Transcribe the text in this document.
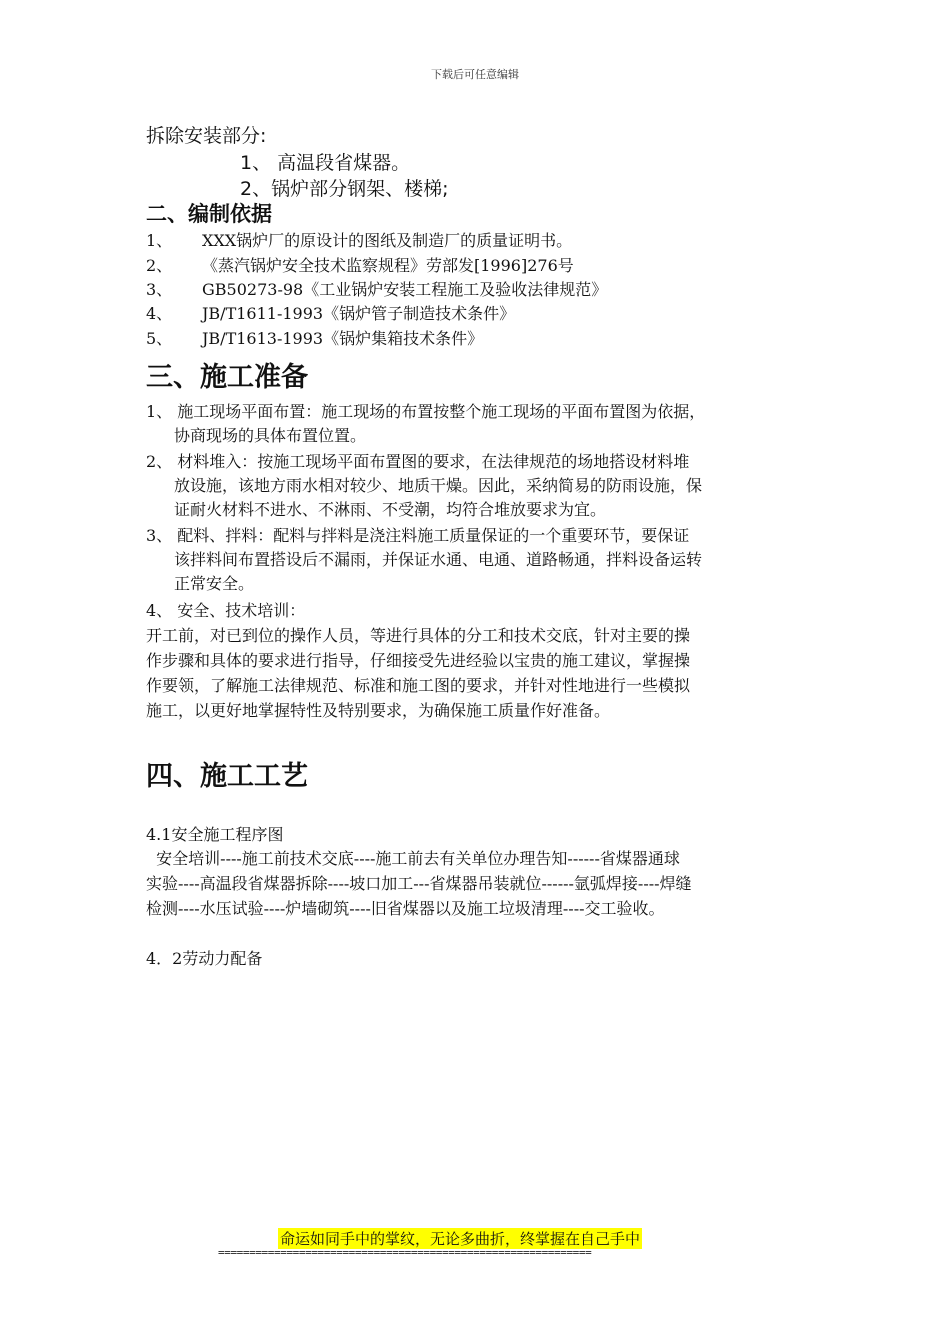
下载后可任意编辑
拆除安装部分:
1、 高温段省煤器。
2、锅炉部分钢架、楼梯;
二、编制依据
1、 XXX锅炉厂的原设计的图纸及制造厂的质量证明书。
2、 《蒸汽锅炉安全技术监察规程》劳部发[1996]276号
3、 GB50273-98《工业锅炉安装工程施工及验收法律规范》
4、 JB/T1611-1993《锅炉管子制造技术条件》
5、 JB/T1613-1993《锅炉集箱技术条件》
三、施工准备
1、 施工现场平面布置：施工现场的布置按整个施工现场的平面布置图为依据，
协商现场的具体布置位置。
2、 材料堆入：按施工现场平面布置图的要求，在法律规范的场地搭设材料堆
放设施，该地方雨水相对较少、地质干燥。因此，采纳简易的防雨设施，保
证耐火材料不进水、不淋雨、不受潮，均符合堆放要求为宜。
3、 配料、拌料：配料与拌料是浇注料施工质量保证的一个重要环节，要保证
该拌料间布置搭设后不漏雨，并保证水通、电通、道路畅通，拌料设备运转
正常安全。
4、 安全、技术培训：
开工前，对已到位的操作人员，等进行具体的分工和技术交底，针对主要的操
作步骤和具体的要求进行指导，仔细接受先进经验以宝贵的施工建议，掌握操
作要领，了解施工法律规范、标准和施工图的要求，并针对性地进行一些模拟
施工，以更好地掌握特性及特别要求，为确保施工质量作好准备。
四、施工工艺
4.1安全施工程序图
安全培训----施工前技术交底----施工前去有关单位办理告知------省煤器通球
实验----高温段省煤器拆除----坡口加工---省煤器吊装就位------氩弧焊接----焊缝
检测----水压试验----炉墙砌筑----旧省煤器以及施工垃圾清理----交工验收。
4．2劳动力配备
命运如同手中的掌纹，无论多曲折，终掌握在自己手中
============================================================
